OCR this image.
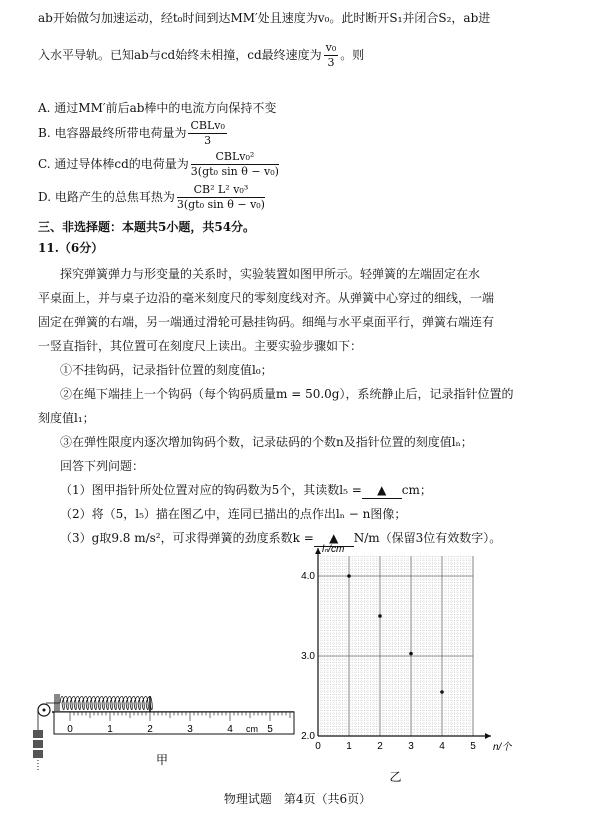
ab开始做匀加速运动，经t₀时间到达MM′处且速度为v₀。此时断开S₁并闭合S₂，ab进
入水平导轨。已知ab与cd始终未相撞，cd最终速度为 $\frac{\text{v₀}}{3}$ 。则
A. 通过MM′前后ab棒中的电流方向保持不变
B. 电容器最终所带电荷量为 $\frac{\text{CBLv₀}}{3}$
C. 通过导体棒cd的电荷量为 $\frac{\text{CBLv₀²}}{\text{3(gt₀ sin θ − v₀)}}$
D. 电路产生的总焦耳热为 $\frac{\text{CB² L² v₀³}}{\text{3(gt₀ sin θ − v₀)}}$
三、非选择题：本题共5小题，共54分。
11.（6分）
探究弹簧弹力与形变量的关系时，实验装置如图甲所示。轻弹簧的左端固定在水
平桌面上，并与桌子边沿的毫米刻度尺的零刻度线对齐。从弹簧中心穿过的细线，一端
固定在弹簧的右端，另一端通过滑轮可悬挂钩码。细绳与水平桌面平行，弹簧右端连有
一竖直指针，其位置可在刻度尺上读出。主要实验步骤如下：
①不挂钩码，记录指针位置的刻度值l₀；
②在绳下端挂上一个钩码（每个钩码质量m = 50.0g），系统静止后，记录指针位置的
刻度值l₁；
③在弹性限度内逐次增加钩码个数，记录砝码的个数n及指针位置的刻度值lₙ；
回答下列问题：
（1）图甲指针所处位置对应的钩码数为5个，其读数l₅ = ▲ cm；
（2）将（5，l₅）描在图乙中，连同已描出的点作出lₙ − n图像；
（3）g取9.8 m/s²，可求得弹簧的劲度系数k = ▲ N/m（保留3位有效数字）。
0	1	2	3	4 cm 5
甲
0	1	2	3	4	5
2.0
3.0
4.0
n/个
lₙ/cm
乙
物理试题　第4页（共6页）
